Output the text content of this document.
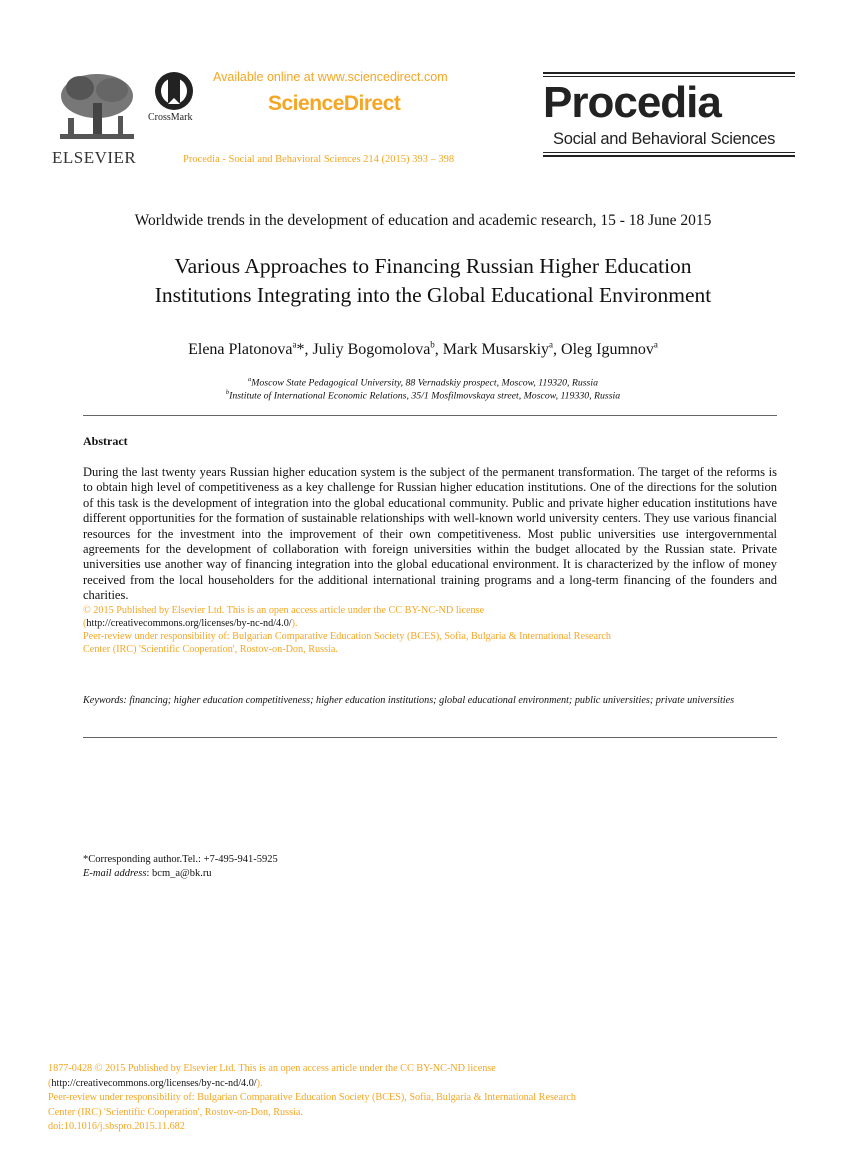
ELSEVIER
CrossMark
Available online at www.sciencedirect.com
ScienceDirect
Procedia - Social and Behavioral Sciences 214 (2015) 393 – 398
Procedia
Social and Behavioral Sciences
Worldwide trends in the development of education and academic research, 15 - 18 June 2015
Various Approaches to Financing Russian Higher Education
Institutions Integrating into the Global Educational Environment
Elena Platonova$^a$*, Juliy Bogomolova$^b$, Mark Musarskiy$^a$, Oleg Igumnov$^a$
$^a$Moscow State Pedagogical University, 88 Vernadskiy prospect, Moscow, 119320, Russia
$^b$Institute of International Economic Relations, 35/1 Mosfilmovskaya street, Moscow, 119330, Russia
Abstract
During the last twenty years Russian higher education system is the subject of the permanent transformation. The target of the reforms is to obtain high level of competitiveness as a key challenge for Russian higher education institutions. One of the directions for the solution of this task is the development of integration into the global educational community. Public and private higher education institutions have different opportunities for the formation of sustainable relationships with well-known world university centers. They use various financial resources for the investment into the improvement of their own competitiveness. Most public universities use intergovernmental agreements for the development of collaboration with foreign universities within the budget allocated by the Russian state. Private universities use another way of financing integration into the global educational environment. It is characterized by the inflow of money received from the local householders for the additional international training programs and a long-term financing of the founders and charities.
© 2015 Published by Elsevier Ltd. This is an open access article under the CC BY-NC-ND license
(http://creativecommons.org/licenses/by-nc-nd/4.0/).
Peer-review under responsibility of: Bulgarian Comparative Education Society (BCES), Sofia, Bulgaria & International Research
Center (IRC) 'Scientific Cooperation', Rostov-on-Don, Russia.
Keywords: financing; higher education competitiveness; higher education institutions; global educational environment; public universities; private universities
*Corresponding author.Tel.: +7-495-941-5925
E-mail address: bcm_a@bk.ru
1877-0428 © 2015 Published by Elsevier Ltd. This is an open access article under the CC BY-NC-ND license
(http://creativecommons.org/licenses/by-nc-nd/4.0/).
Peer-review under responsibility of: Bulgarian Comparative Education Society (BCES), Sofia, Bulgaria & International Research
Center (IRC) 'Scientific Cooperation', Rostov-on-Don, Russia.
doi:10.1016/j.sbspro.2015.11.682
